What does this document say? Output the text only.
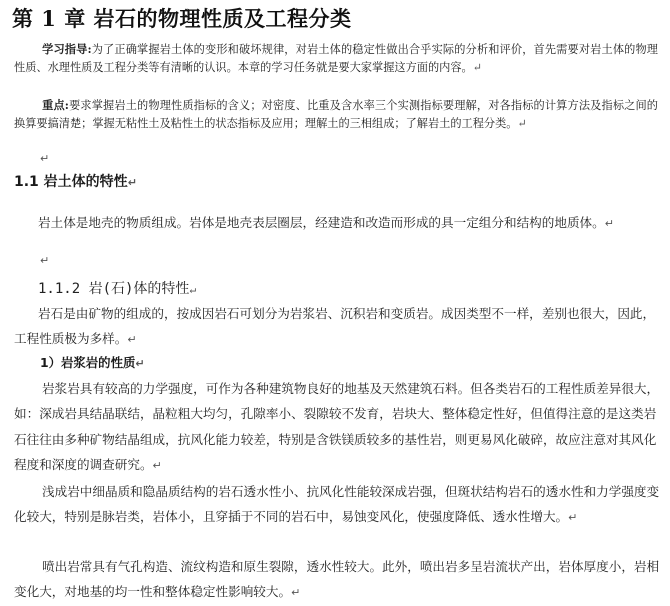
第 1 章 岩石的物理性质及工程分类
学习指导:为了正确掌握岩土体的变形和破坏规律，对岩土体的稳定性做出合乎实际的分析和评价，首先需要对岩土体的物理性质、水理性质及工程分类等有清晰的认识。本章的学习任务就是要大家掌握这方面的内容。↵
重点:要求掌握岩土的物理性质指标的含义；对密度、比重及含水率三个实测指标要理解，对各指标的计算方法及指标之间的换算要搞清楚；掌握无粘性土及粘性土的状态指标及应用；理解土的三相组成；了解岩土的工程分类。↵
↵
1.1 岩土体的特性↵
岩土体是地壳的物质组成。岩体是地壳表层圈层，经建造和改造而形成的具一定组分和结构的地质体。↵
↵
1.1.2 岩(石)体的特性↵
岩石是由矿物的组成的，按成因岩石可划分为岩浆岩、沉积岩和变质岩。成因类型不一样，差别也很大，因此，工程性质极为多样。↵
1）岩浆岩的性质↵
岩浆岩具有较高的力学强度，可作为各种建筑物良好的地基及天然建筑石料。但各类岩石的工程性质差异很大，如：深成岩具结晶联结，晶粒粗大均匀，孔隙率小、裂隙较不发育，岩块大、整体稳定性好，但值得注意的是这类岩石往往由多种矿物结晶组成，抗风化能力较差，特别是含铁镁质较多的基性岩，则更易风化破碎，故应注意对其风化程度和深度的调查研究。↵
浅成岩中细晶质和隐晶质结构的岩石透水性小、抗风化性能较深成岩强，但斑状结构岩石的透水性和力学强度变化较大，特别是脉岩类，岩体小，且穿插于不同的岩石中，易蚀变风化，使强度降低、透水性增大。↵
喷出岩常具有气孔构造、流纹构造和原生裂隙，透水性较大。此外，喷出岩多呈岩流状产出，岩体厚度小，岩相变化大，对地基的均一性和整体稳定性影响较大。↵
